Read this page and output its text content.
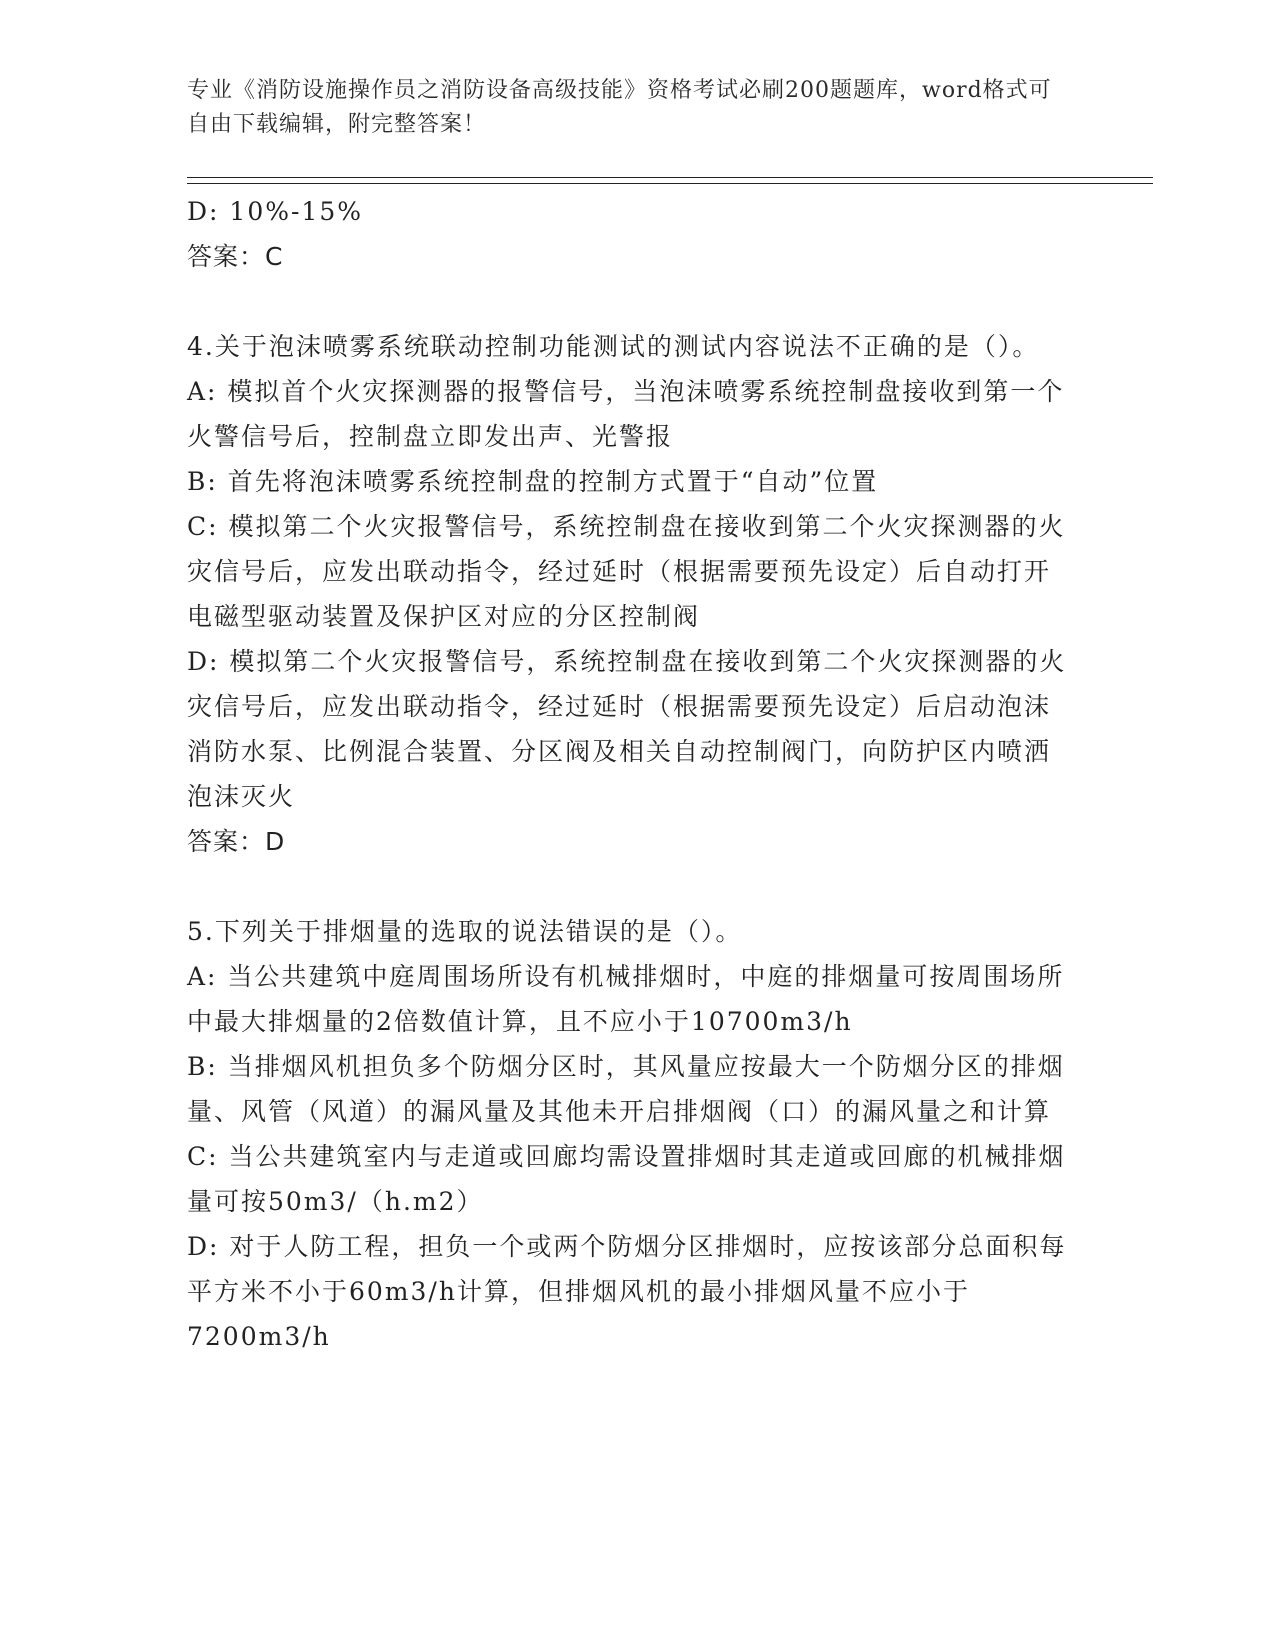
专业《消防设施操作员之消防设备高级技能》资格考试必刷200题题库，word格式可自由下载编辑，附完整答案！

D: 10%-15%

答案：C

4.关于泡沫喷雾系统联动控制功能测试的测试内容说法不正确的是（）。

A: 模拟首个火灾探测器的报警信号，当泡沫喷雾系统控制盘接收到第一个火警信号后，控制盘立即发出声、光警报

B: 首先将泡沫喷雾系统控制盘的控制方式置于“自动”位置

C: 模拟第二个火灾报警信号，系统控制盘在接收到第二个火灾探测器的火灾信号后，应发出联动指令，经过延时（根据需要预先设定）后自动打开电磁型驱动装置及保护区对应的分区控制阀

D: 模拟第二个火灾报警信号，系统控制盘在接收到第二个火灾探测器的火灾信号后，应发出联动指令，经过延时（根据需要预先设定）后启动泡沫消防水泵、比例混合装置、分区阀及相关自动控制阀门，向防护区内喷洒泡沫灭火

答案：D

5.下列关于排烟量的选取的说法错误的是（）。

A: 当公共建筑中庭周围场所设有机械排烟时，中庭的排烟量可按周围场所中最大排烟量的2倍数值计算，且不应小于10700m3/h

B: 当排烟风机担负多个防烟分区时，其风量应按最大一个防烟分区的排烟量、风管（风道）的漏风量及其他未开启排烟阀（口）的漏风量之和计算

C: 当公共建筑室内与走道或回廊均需设置排烟时其走道或回廊的机械排烟量可按50m3/（h.m2）

D: 对于人防工程，担负一个或两个防烟分区排烟时，应按该部分总面积每平方米不小于60m3/h计算，但排烟风机的最小排烟风量不应小于7200m3/h
